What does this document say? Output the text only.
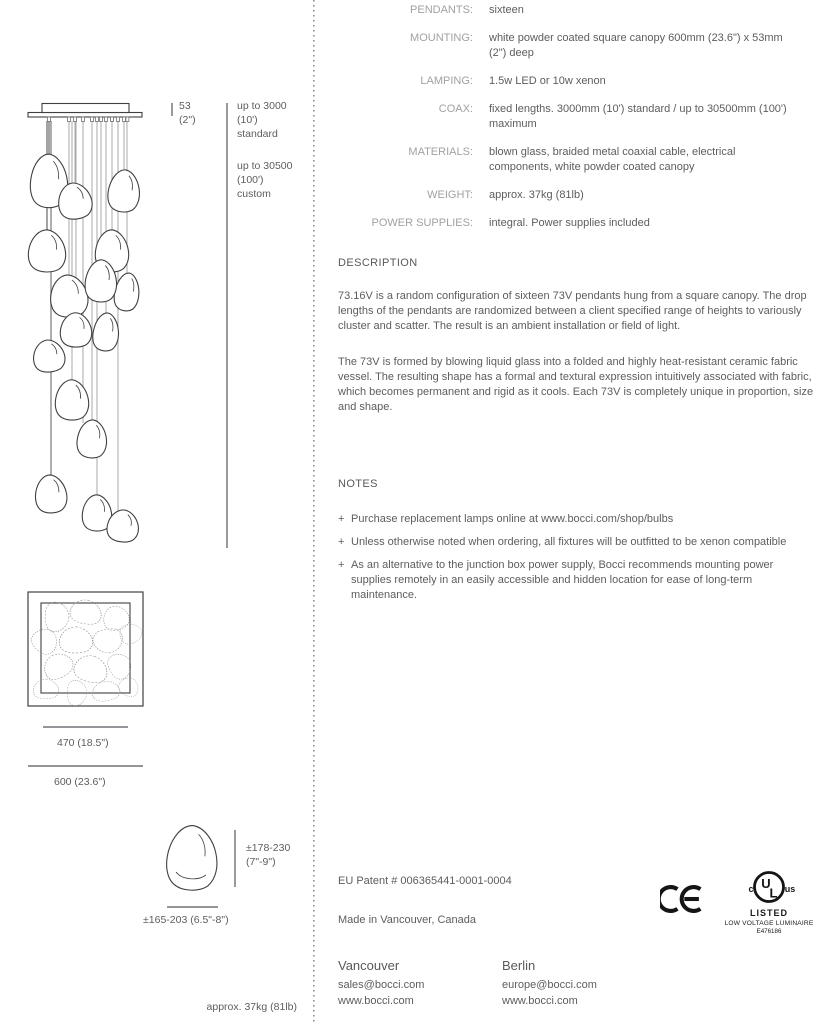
53
(2")
up to 3000
(10')
standard
up to 30500
(100')
custom
470 (18.5")
600 (23.6")
±178-230
(7"-9")
±165-203 (6.5"-8")
approx. 37kg (81lb)
PENDANTS:	sixteen
MOUNTING:	white powder coated square canopy 600mm (23.6") x 53mm (2") deep
LAMPING:	1.5w LED or 10w xenon
COAX:	fixed lengths. 3000mm (10') standard / up to 30500mm (100') maximum
MATERIALS:	blown glass, braided metal coaxial cable, electrical components, white powder coated canopy
WEIGHT:	approx. 37kg (81lb)
POWER SUPPLIES:	integral. Power supplies included
DESCRIPTION

73.16V is a random configuration of sixteen 73V pendants hung from a square canopy. The drop lengths of the pendants are randomized between a client specified range of heights to variously cluster and scatter. The result is an ambient installation or field of light.

The 73V is formed by blowing liquid glass into a folded and highly heat-resistant ceramic fabric vessel. The resulting shape has a formal and textural expression intuitively associated with fabric, which becomes permanent and rigid as it cools. Each 73V is completely unique in proportion, size and shape.

NOTES
+ Purchase replacement lamps online at www.bocci.com/shop/bulbs
+ Unless otherwise noted when ordering, all fixtures will be outfitted to be xenon compatible
+ As an alternative to the junction box power supply, Bocci recommends mounting power supplies remotely in an easily accessible and hidden location for ease of long-term maintenance.
EU Patent # 006365441-0001-0004
Made in Vancouver, Canada
Vancouver
sales@bocci.com
www.bocci.com
Berlin
europe@bocci.com
www.bocci.com
c U
L us
LISTED
LOW VOLTAGE LUMINAIRE
E476186
